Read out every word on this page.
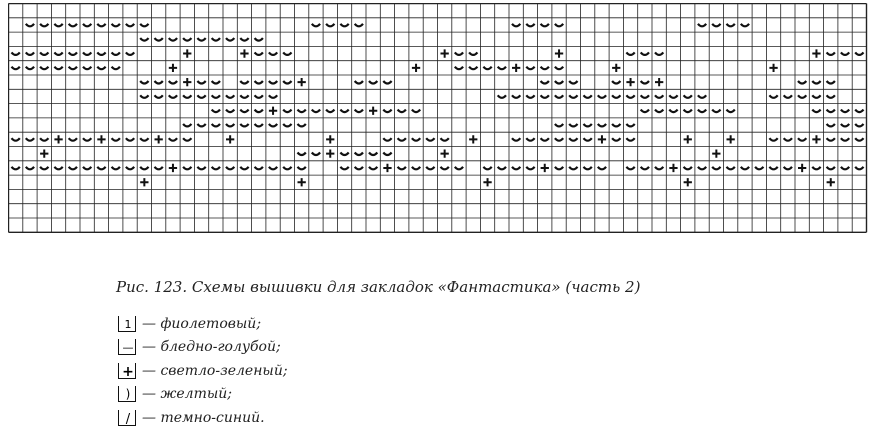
Рис. 123. Схемы вышивки для закладок «Фантастика» (часть 2)
1 — фиолетовый;
— — бледно-голубой;
+ — светло-зеленый;
) — желтый;
/ — темно-синий.
